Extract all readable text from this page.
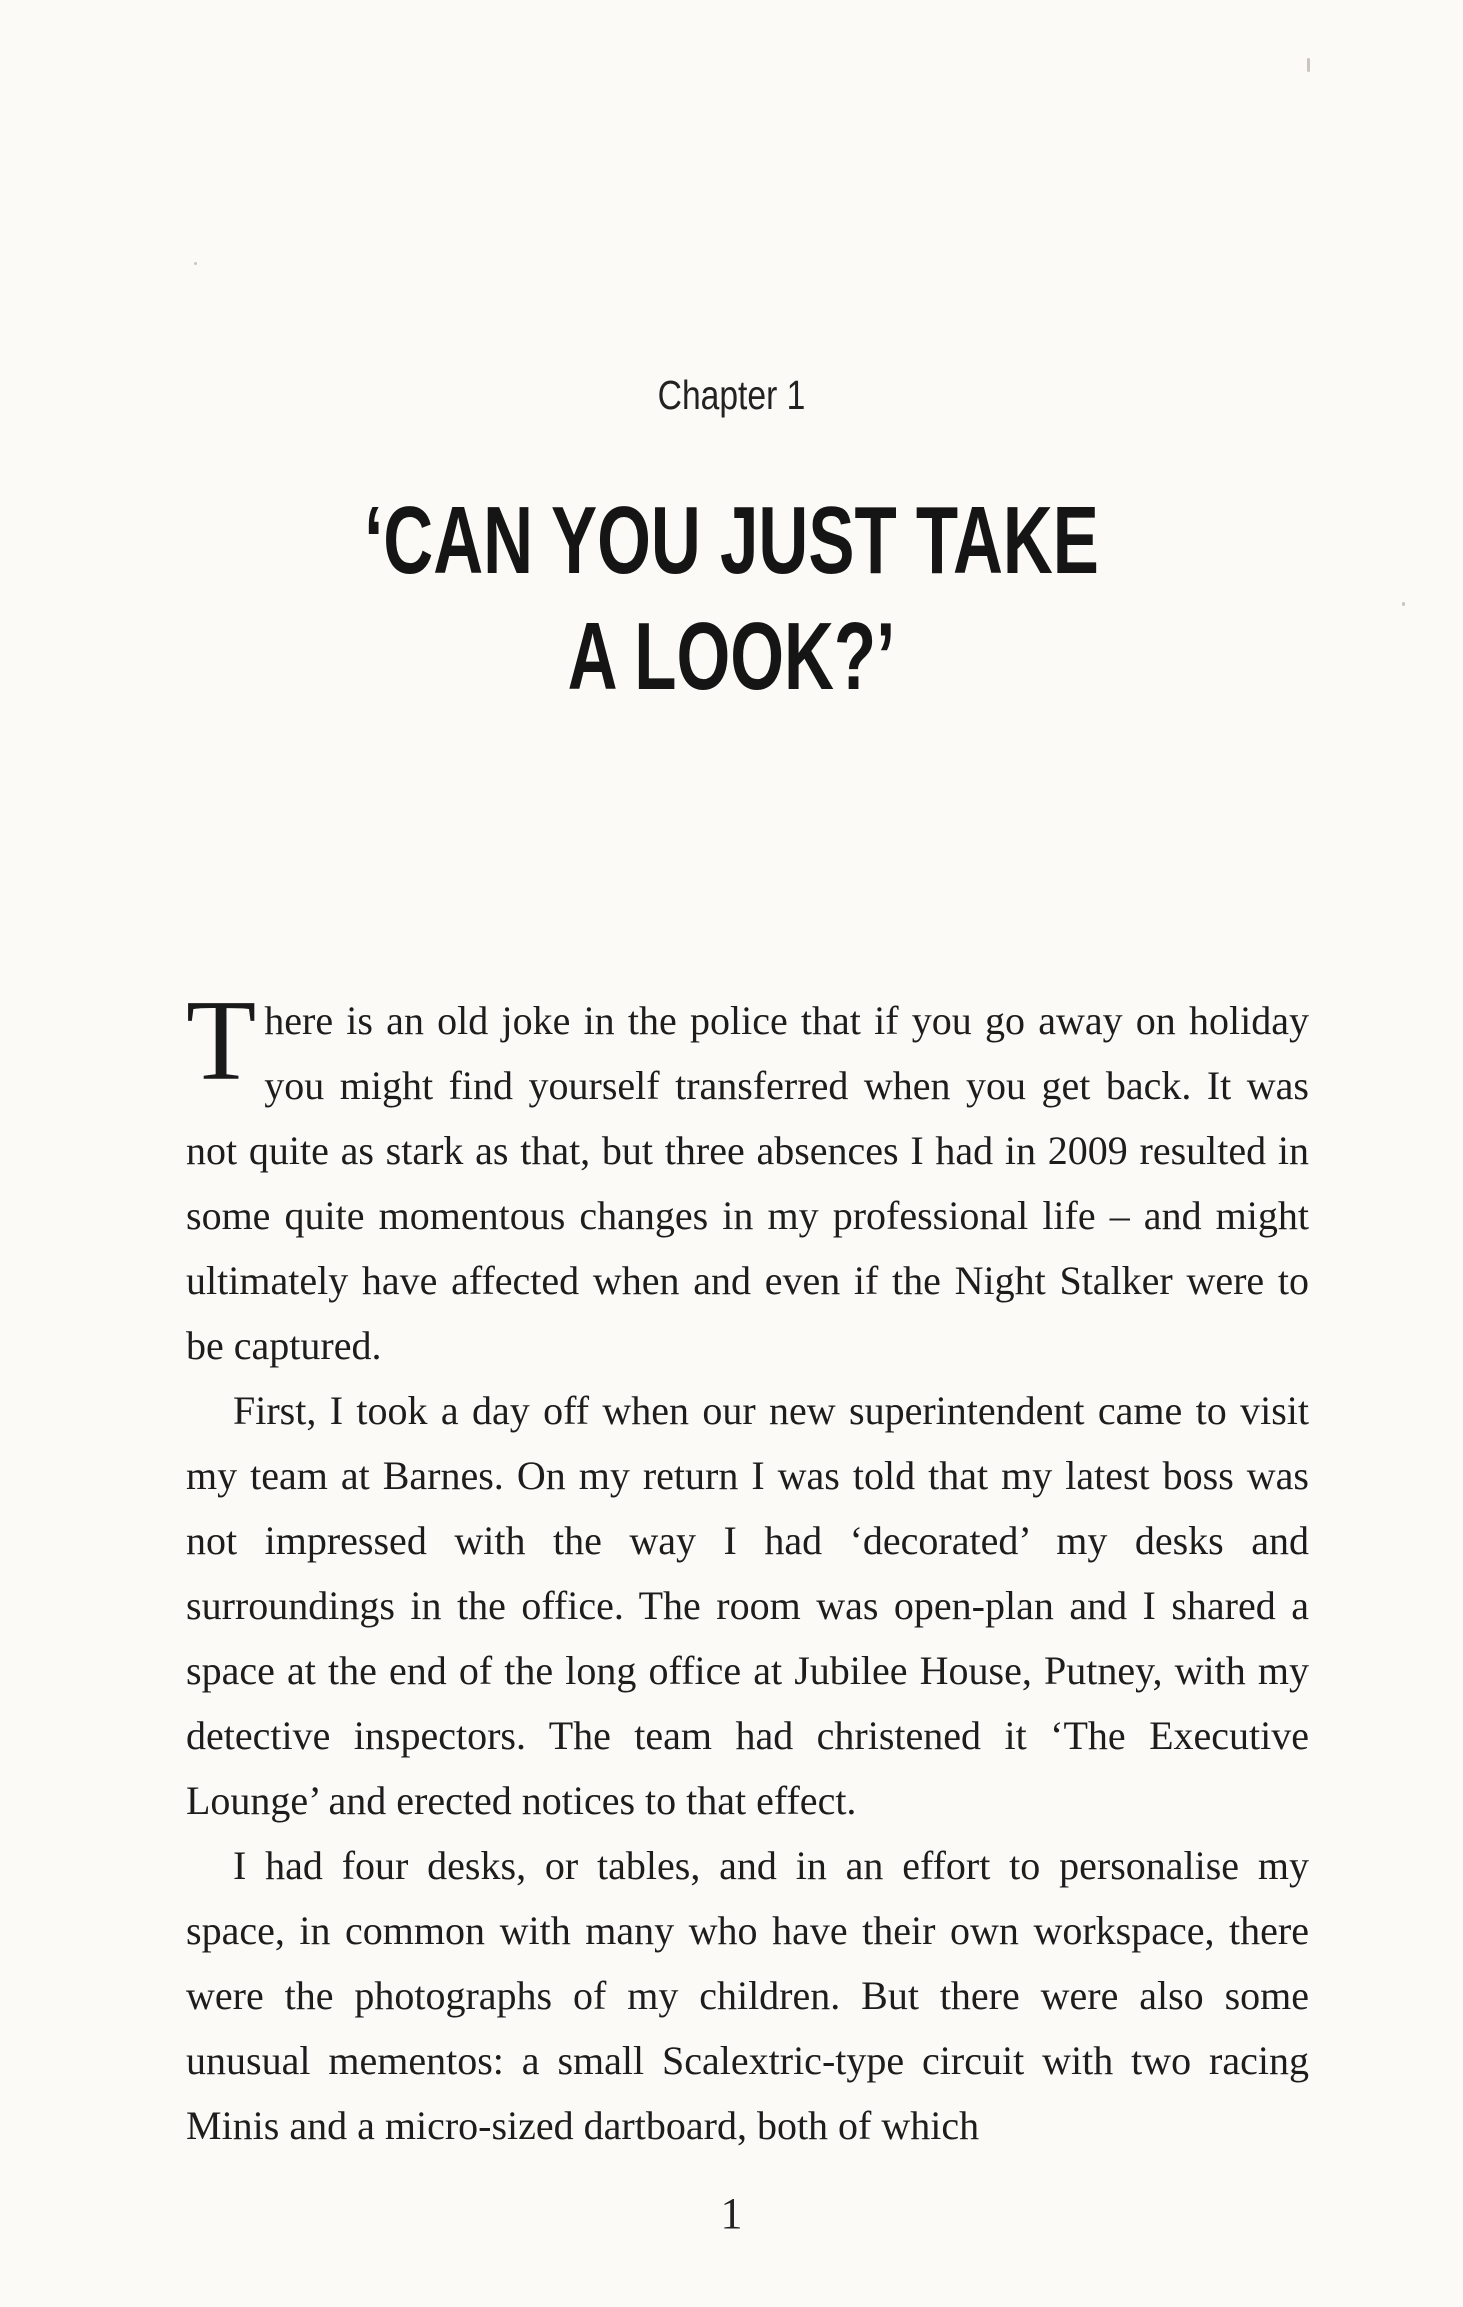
Chapter 1
‘CAN YOU JUST TAKE
A LOOK?’

There is an old joke in the police that if you go away on holiday you might find yourself transferred when you get back. It was not quite as stark as that, but three absences I had in 2009 resulted in some quite momentous changes in my professional life – and might ultimately have affected when and even if the Night Stalker were to be captured.

First, I took a day off when our new superintendent came to visit my team at Barnes. On my return I was told that my latest boss was not impressed with the way I had ‘decorated’ my desks and surroundings in the office. The room was open-plan and I shared a space at the end of the long office at Jubilee House, Putney, with my detective inspectors. The team had christened it ‘The Executive Lounge’ and erected notices to that effect.

I had four desks, or tables, and in an effort to personalise my space, in common with many who have their own workspace, there were the photographs of my children. But there were also some unusual mementos: a small Scalextric-type circuit with two racing Minis and a micro-sized dartboard, both of which

1
